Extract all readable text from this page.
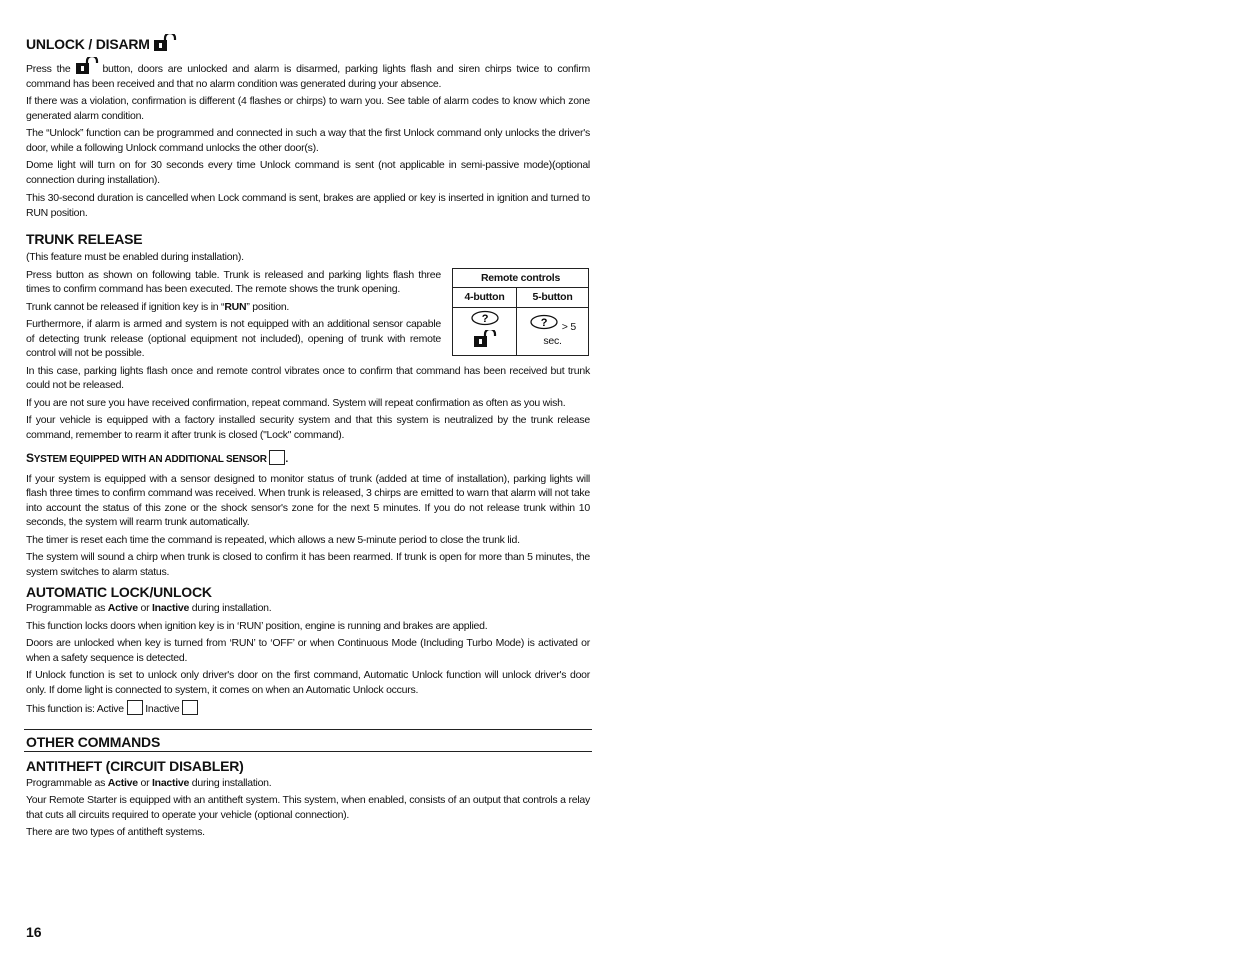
UNLOCK / DISARM

Press the	button, doors are unlocked and alarm is disarmed, parking lights flash and siren chirps twice to confirm command has been received and that no alarm condition was generated during your absence.

If there was a violation, confirmation is different (4 flashes or chirps) to warn you. See table of alarm codes to know which zone generated alarm condition.

The “Unlock” function can be programmed and connected in such a way that the first Unlock command only unlocks the driver's door, while a following Unlock command unlocks the other door(s).

Dome light will turn on for 30 seconds every time Unlock command is sent (not applicable in semi-passive mode)(optional connection during installation).

This 30-second duration is cancelled when Lock command is sent, brakes are applied or key is inserted in ignition and turned to RUN position.

TRUNK RELEASE

(This feature must be enabled during installation).

Remote controls	
4-button	5-button

?	? > 5 sec.

Press button as shown on following table. Trunk is released and parking lights flash three times to confirm command has been executed. The remote shows the trunk opening.

Trunk cannot be released if ignition key is in “RUN” position.

Furthermore, if alarm is armed and system is not equipped with an additional sensor capable of detecting trunk release (optional equipment not included), opening of trunk with remote control will not be possible.

In this case, parking lights flash once and remote control vibrates once to confirm that command has been received but trunk could not be released.

If you are not sure you have received confirmation, repeat command. System will repeat confirmation as often as you wish.

If your vehicle is equipped with a factory installed security system and that this system is neutralized by the trunk release command, remember to rearm it after trunk is closed ("Lock" command).

SYSTEM EQUIPPED WITH AN ADDITIONAL SENSOR .

If your system is equipped with a sensor designed to monitor status of trunk (added at time of installation), parking lights will flash three times to confirm command was received. When trunk is released, 3 chirps are emitted to warn that alarm will not take into account the status of this zone or the shock sensor's zone for the next 5 minutes. If you do not release trunk within 10 seconds, the system will rearm trunk automatically.

The timer is reset each time the command is repeated, which allows a new 5-minute period to close the trunk lid.

The system will sound a chirp when trunk is closed to confirm it has been rearmed. If trunk is open for more than 5 minutes, the system switches to alarm status.

AUTOMATIC LOCK/UNLOCK

Programmable as Active or Inactive during installation.

This function locks doors when ignition key is in ‘RUN’ position, engine is running and brakes are applied.

Doors are unlocked when key is turned from ‘RUN’ to ‘OFF’ or when Continuous Mode (Including Turbo Mode) is activated or when a safety sequence is detected.

If Unlock function is set to unlock only driver's door on the first command, Automatic Unlock function will unlock driver's door only. If dome light is connected to system, it comes on when an Automatic Unlock occurs.

This function is: Active Inactive

OTHER COMMANDS
ANTITHEFT (CIRCUIT DISABLER)

Programmable as Active or Inactive during installation.

Your Remote Starter is equipped with an antitheft system. This system, when enabled, consists of an output that controls a relay that cuts all circuits required to operate your vehicle (optional connection).

There are two types of antitheft systems.

16
